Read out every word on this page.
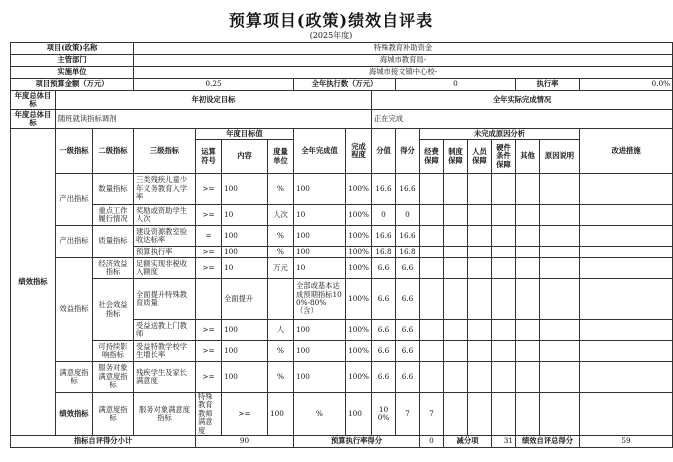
预算项目(政策)绩效自评表
(2025年度)
项目(政策)名称			特殊教育补助资金															
主管部门			海城市教育局-															
实施单位			海城市接文镇中心校-															
项目预算金额（万元）			0.25				全年执行数（万元）			0					执行率		0.0%	
年度总体目标	年初设定目标								全年实际完成情况									
年度总体目标	随班就读指标调剂								正在完成									
绩效指标	一级指标	二级指标	三级指标	年度目标值			全年完成值	完成程度	分值	得分	未完成原因分析						改进措施	
				运算符号	内容	度量单位					经费保障	制度保障	人员保障	硬件条件保障	其他	原因说明		
	产出指标	数量指标	三类残疾儿童少年义务教育入学率	>=	100	%	100	100%	16.6	16.6								
		重点工作履行情况	奖励或资助学生人次	>=	10	人次	10	100%	0	0								
	产出指标	质量指标	建设资源教室验收达标率	=	100	%	100	100%	16.6	16.6								
			预算执行率	>=	100	%	100	100%	16.8	16.8								
	效益指标	经济效益指标	足额实现非税收入额度	>=	10	万元	10	100%	6.6	6.6								
		社会效益指标	全面提升特殊教育质量		全面提升		全部或基本达成预期指标100%-80%（含）	100%	6.6	6.6								
			受益送教上门教师	>=	100	人	100	100%	6.6	6.6								
		可持续影响指标	受益特教学校学生增长率	>=	100	%	100	100%	6.6	6.6								
	满意度指标	服务对象满意度指标	残疾学生及家长满意度	>=	100	%	100	100%	6.6	6.6								
	绩效指标	满意度指标	服务对象满意度指标	特殊教育教师满意度	>=	100	%	100	100%	7	7							
指标自评得分小计				90			预算执行率得分				0	减分项		31	绩效自评总得分		59	
